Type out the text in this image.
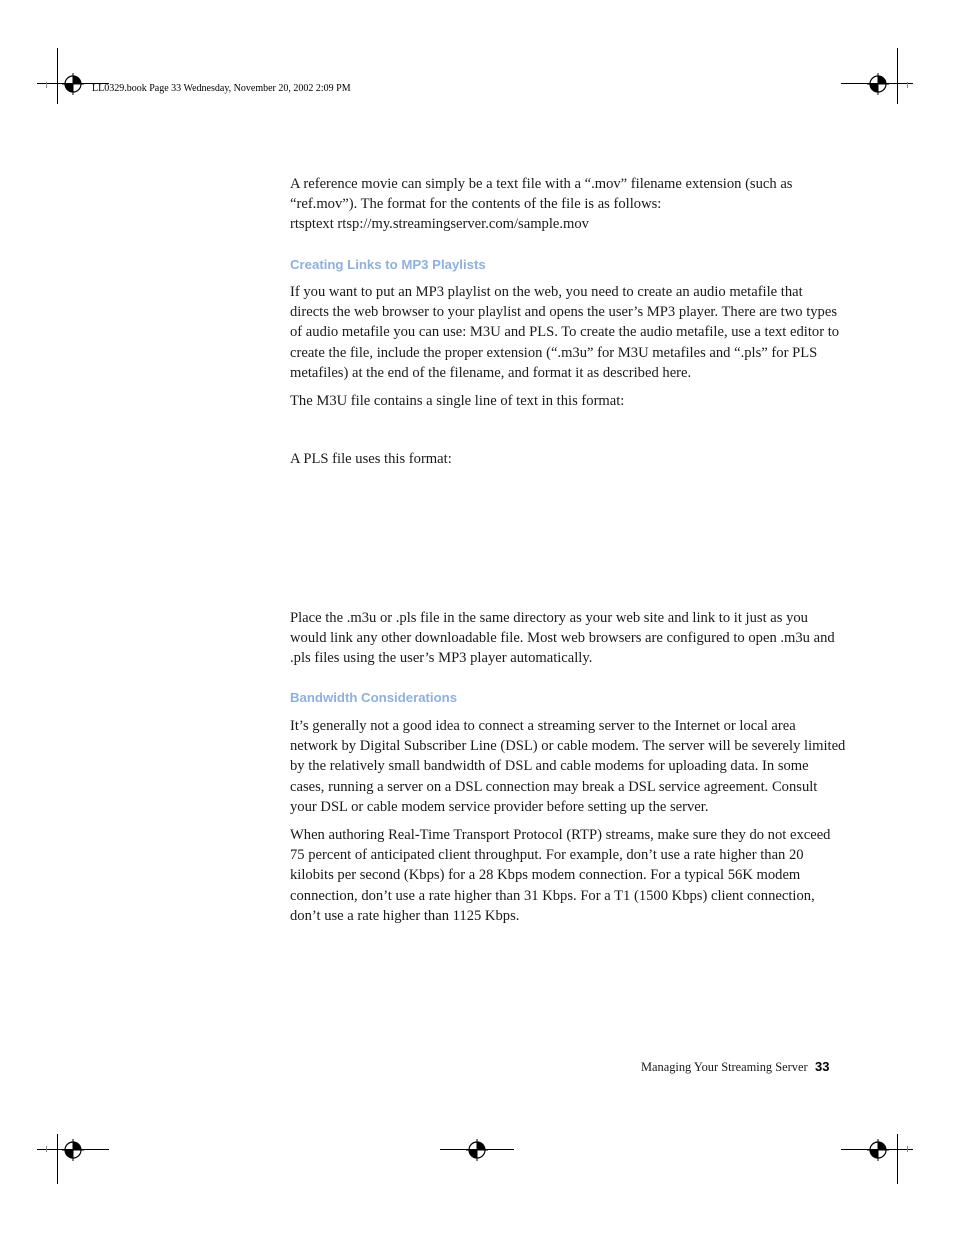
LL0329.book Page 33 Wednesday, November 20, 2002 2:09 PM

A reference movie can simply be a text file with a “.mov” filename extension (such as
“ref.mov”). The format for the contents of the file is as follows:
rtsptext rtsp://my.streamingserver.com/sample.mov

Creating Links to MP3 Playlists

If you want to put an MP3 playlist on the web, you need to create an audio metafile that
directs the web browser to your playlist and opens the user’s MP3 player. There are two types
of audio metafile you can use: M3U and PLS. To create the audio metafile, use a text editor to
create the file, include the proper extension (“.m3u” for M3U metafiles and “.pls” for PLS
metafiles) at the end of the filename, and format it as described here.

The M3U file contains a single line of text in this format:

A PLS file uses this format:

Place the .m3u or .pls file in the same directory as your web site and link to it just as you
would link any other downloadable file. Most web browsers are configured to open .m3u and
.pls files using the user’s MP3 player automatically.

Bandwidth Considerations

It’s generally not a good idea to connect a streaming server to the Internet or local area
network by Digital Subscriber Line (DSL) or cable modem. The server will be severely limited
by the relatively small bandwidth of DSL and cable modems for uploading data. In some
cases, running a server on a DSL connection may break a DSL service agreement. Consult
your DSL or cable modem service provider before setting up the server.

When authoring Real-Time Transport Protocol (RTP) streams, make sure they do not exceed
75 percent of anticipated client throughput. For example, don’t use a rate higher than 20
kilobits per second (Kbps) for a 28 Kbps modem connection. For a typical 56K modem
connection, don’t use a rate higher than 31 Kbps. For a T1 (1500 Kbps) client connection,
don’t use a rate higher than 1125 Kbps.

Managing Your Streaming Server 33
